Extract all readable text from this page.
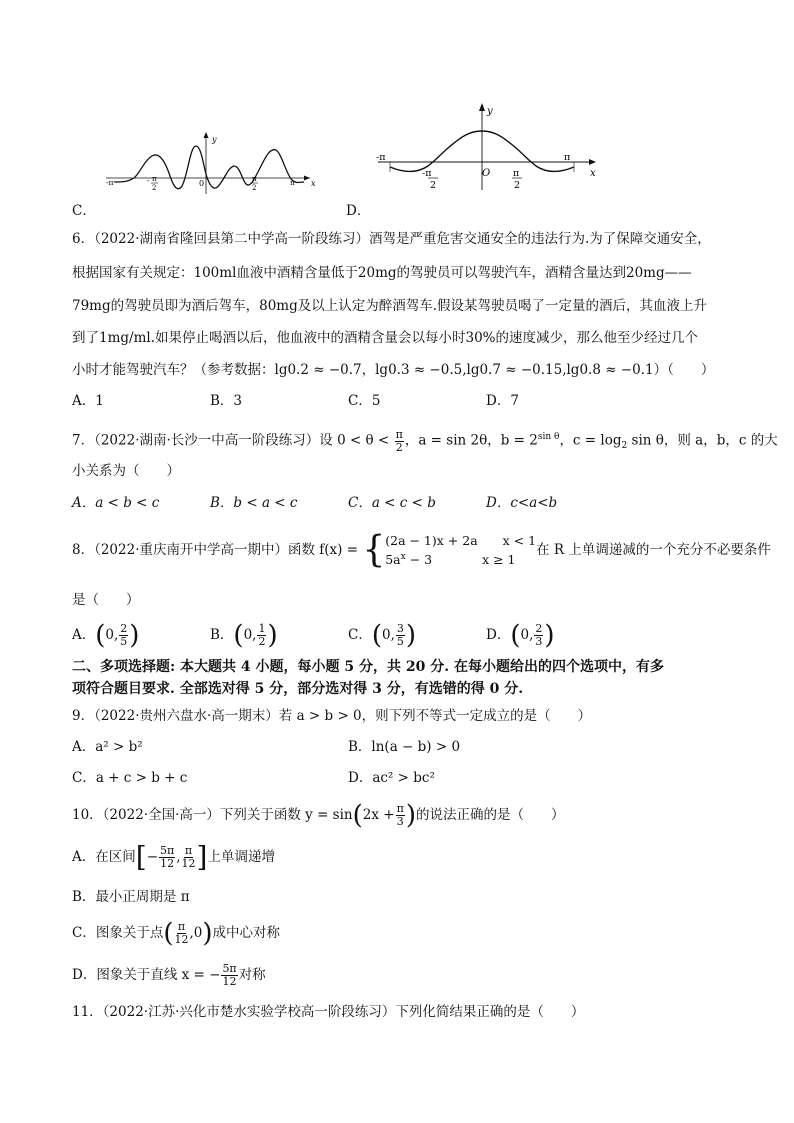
C．
y
x
-π	π
0
- π
2
π
2
D．
y
x
-π	π
O
-π
2
π
2
6．（2022·湖南省隆回县第二中学高一阶段练习）酒驾是严重危害交通安全的违法行为.为了保障交通安全，
根据国家有关规定：100ml血液中酒精含量低于20mg的驾驶员可以驾驶汽车，酒精含量达到20mg——
79mg的驾驶员即为酒后驾车，80mg及以上认定为醉酒驾车.假设某驾驶员喝了一定量的酒后，其血液上升
到了1mg/ml.如果停止喝酒以后，他血液中的酒精含量会以每小时30%的速度减少，那么他至少经过几个
小时才能驾驶汽车？（参考数据：lg0.2 ≈ −0.7，lg0.3 ≈ −0.5,lg0.7 ≈ −0.15,lg0.8 ≈ −0.1）（　　）
A．1	B．3	C．5	D．7
7．（2022·湖南·长沙一中高一阶段练习）设 $0 < \theta < \frac{\pi}{2}$ ，a = sin 2θ，$b = 2^{sin \theta}$，$c = \log_2 \sin \theta$，则 a，b，c 的大
小关系为（　　）
A．a < b < c	B．b < a < c	C．a < c < b	D．c<a<b
8．（2022·重庆南开中学高一期中）函数 f(x) = { (2a − 1)x + 2a　　x < 1
$5a^x - 3$　　　　x ≥ 1
在 R 上单调递减的一个充分不必要条件
是（　　）
A．(0, $\frac{2}{5}$ )	B．(0, $\frac{1}{2}$ )	C．(0, $\frac{3}{5}$ )	D．(0, $\frac{2}{3}$ )
二、多项选择题: 本大题共 4 小题，每小题 5 分，共 20 分. 在每小题给出的四个选项中，有多
项符合题目要求. 全部选对得 5 分，部分选对得 3 分，有选错的得 0 分.
9．（2022·贵州六盘水·高一期末）若 a > b > 0，则下列不等式一定成立的是（　　）
A．a² > b²	B．ln(a − b) > 0
C．a + c > b + c	D．ac² > bc²
10．（2022·全国·高一）下列关于函数 $y = \sin(2x + \frac{\pi}{3}$ )的说法正确的是（　　）
A．在区间[− $\frac{5\pi}{12}$ , $\frac{\pi}{12}$ ]上单调递增
B．最小正周期是 π
C．图象关于点( $\frac{\pi}{12} ,0$)成中心对称
D．图象关于直线 x = − $\frac{5\pi}{12}$ 对称
11．（2022·江苏·兴化市楚水实验学校高一阶段练习）下列化简结果正确的是（　　）
